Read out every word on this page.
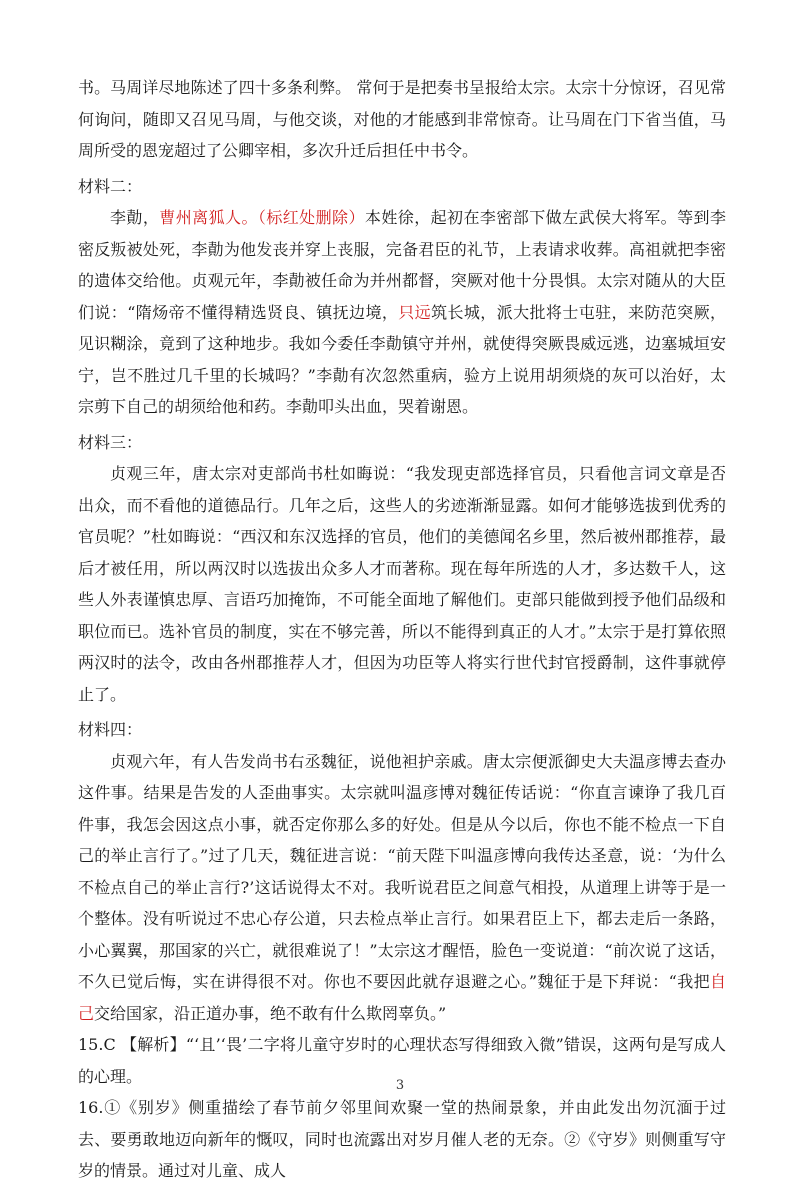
书。马周详尽地陈述了四十多条利弊。 常何于是把奏书呈报给太宗。太宗十分惊讶，召见常何询问，随即又召见马周，与他交谈，对他的才能感到非常惊奇。让马周在门下省当值，马周所受的恩宠超过了公卿宰相，多次升迁后担任中书令。

材料二：

李勣，曹州离狐人。（标红处删除）本姓徐，起初在李密部下做左武侯大将军。等到李密反叛被处死，李勣为他发丧并穿上丧服，完备君臣的礼节，上表请求收葬。高祖就把李密的遗体交给他。贞观元年，李勣被任命为并州都督，突厥对他十分畏惧。太宗对随从的大臣们说：“隋炀帝不懂得精选贤良、镇抚边境，只远筑长城，派大批将士屯驻，来防范突厥，见识糊涂，竟到了这种地步。我如今委任李勣镇守并州，就使得突厥畏威远逃，边塞城垣安宁，岂不胜过几千里的长城吗？”李勣有次忽然重病，验方上说用胡须烧的灰可以治好，太宗剪下自己的胡须给他和药。李勣叩头出血，哭着谢恩。

材料三：

贞观三年，唐太宗对吏部尚书杜如晦说：“我发现吏部选择官员，只看他言词文章是否出众，而不看他的道德品行。几年之后，这些人的劣迹渐渐显露。如何才能够选拔到优秀的官员呢？”杜如晦说：“西汉和东汉选择的官员，他们的美德闻名乡里，然后被州郡推荐，最后才被任用，所以两汉时以选拔出众多人才而著称。现在每年所选的人才，多达数千人，这些人外表谨慎忠厚、言语巧加掩饰，不可能全面地了解他们。吏部只能做到授予他们品级和职位而已。选补官员的制度，实在不够完善，所以不能得到真正的人才。”太宗于是打算依照两汉时的法令，改由各州郡推荐人才，但因为功臣等人将实行世代封官授爵制，这件事就停止了。

材料四：

贞观六年，有人告发尚书右丞魏征，说他袒护亲戚。唐太宗便派御史大夫温彦博去查办这件事。结果是告发的人歪曲事实。太宗就叫温彦博对魏征传话说：“你直言谏诤了我几百件事，我怎会因这点小事，就否定你那么多的好处。但是从今以后，你也不能不检点一下自己的举止言行了。”过了几天，魏征进言说：“前天陛下叫温彦博向我传达圣意，说：‘为什么不检点自己的举止言行?’这话说得太不对。我听说君臣之间意气相投，从道理上讲等于是一个整体。没有听说过不忠心存公道，只去检点举止言行。如果君臣上下，都去走后一条路，小心翼翼，那国家的兴亡，就很难说了！”太宗这才醒悟，脸色一变说道：“前次说了这话，不久已觉后悔，实在讲得很不对。你也不要因此就存退避之心。”魏征于是下拜说：“我把自己交给国家，沿正道办事，绝不敢有什么欺罔辜负。”

15.C 【解析】“‘且’‘畏’二字将儿童守岁时的心理状态写得细致入微”错误，这两句是写成人的心理。

16.①《别岁》侧重描绘了春节前夕邻里间欢聚一堂的热闹景象，并由此发出勿沉湎于过去、要勇敢地迈向新年的慨叹，同时也流露出对岁月催人老的无奈。②《守岁》则侧重写守岁的情景。通过对儿童、成人

3
